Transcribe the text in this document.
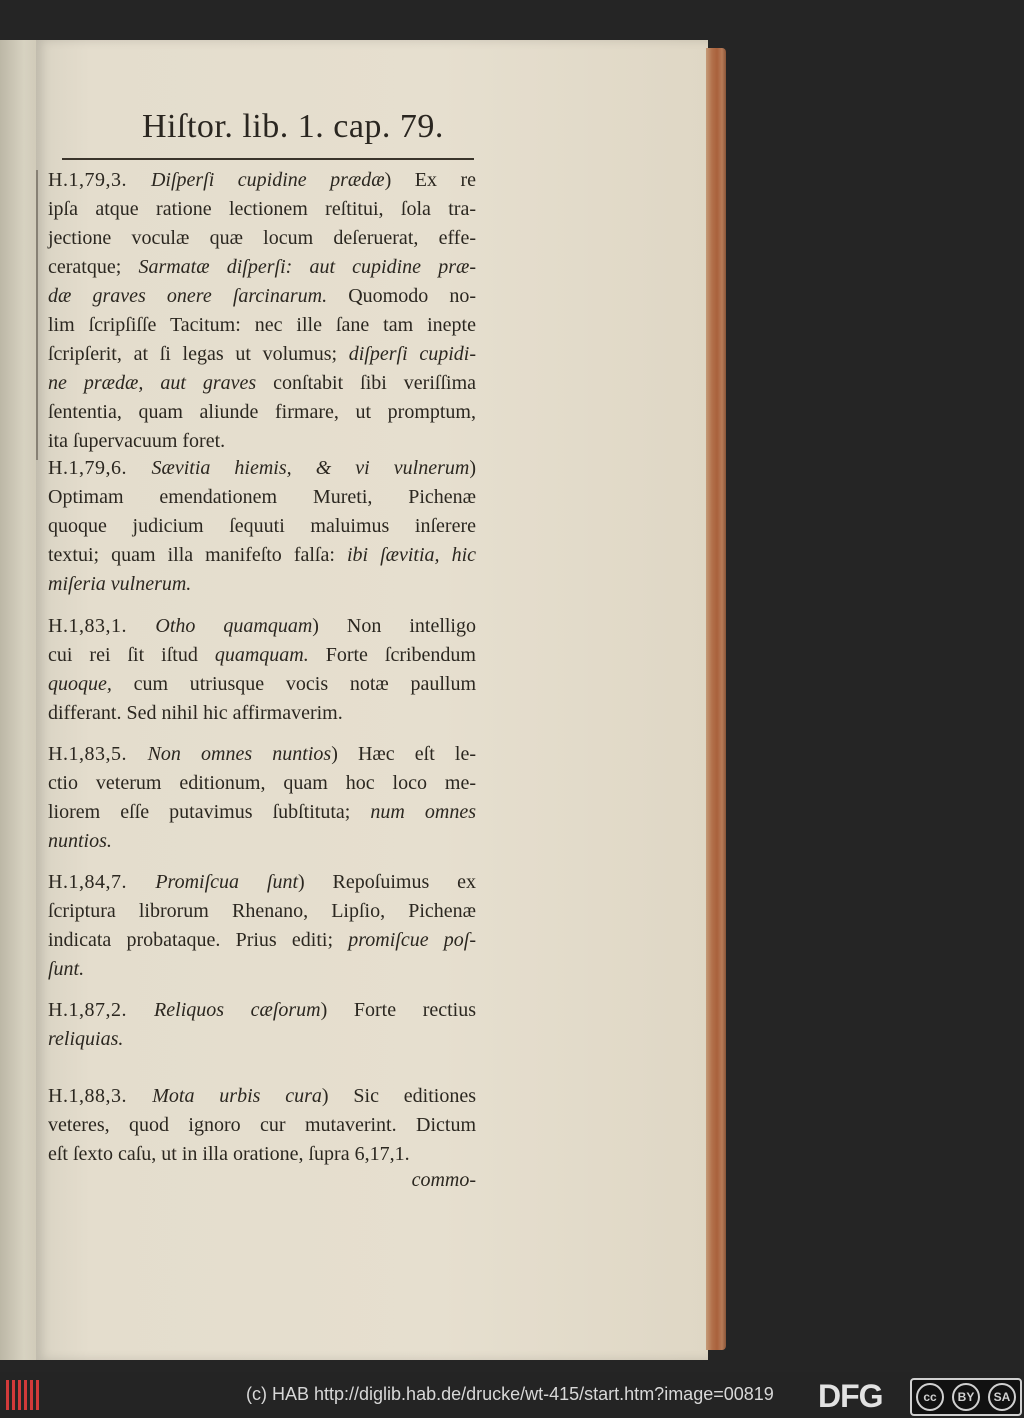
Hiſtor. lib. 1. cap. 79.
H.1,79,3. Diſperſi cupidine prædæ) Ex re
ipſa atque ratione lectionem reſtitui, ſola tra-
jectione voculæ quæ locum deſeruerat, effe-
ceratque; Sarmatæ diſperſi: aut cupidine præ-
dæ graves onere ſarcinarum. Quomodo no-
lim ſcripſiſſe Tacitum: nec ille ſane tam inepte
ſcripſerit, at ſi legas ut volumus; diſperſi cupidi-
ne prædæ, aut graves conſtabit ſibi veriſſima
ſententia, quam aliunde firmare, ut promptum,
ita ſupervacuum foret.
H.1,79,6. Sævitia hiemis, & vi vulnerum)
Optimam emendationem Mureti, Pichenæ
quoque judicium ſequuti maluimus inſerere
textui; quam illa manifeſto falſa: ibi ſævitia, hic
miſeria vulnerum.
H.1,83,1. Otho quamquam) Non intelligo
cui rei ſit iſtud quamquam. Forte ſcribendum
quoque, cum utriusque vocis notæ paullum
differant. Sed nihil hic affirmaverim.
H.1,83,5. Non omnes nuntios) Hæc eſt le-
ctio veterum editionum, quam hoc loco me-
liorem eſſe putavimus ſubſtituta; num omnes
nuntios.
H.1,84,7. Promiſcua ſunt) Repoſuimus ex
ſcriptura librorum Rhenano, Lipſio, Pichenæ
indicata probataque. Prius editi; promiſcue poſ-
ſunt.
H.1,87,2. Reliquos cæſorum) Forte rectius
reliquias.
H.1,88,3. Mota urbis cura) Sic editiones
veteres, quod ignoro cur mutaverint. Dictum
eſt ſexto caſu, ut in illa oratione, ſupra 6,17,1.
commo-
(c) HAB http://diglib.hab.de/drucke/wt-415/start.htm?image=00819 DFG	cc	BY	SA
